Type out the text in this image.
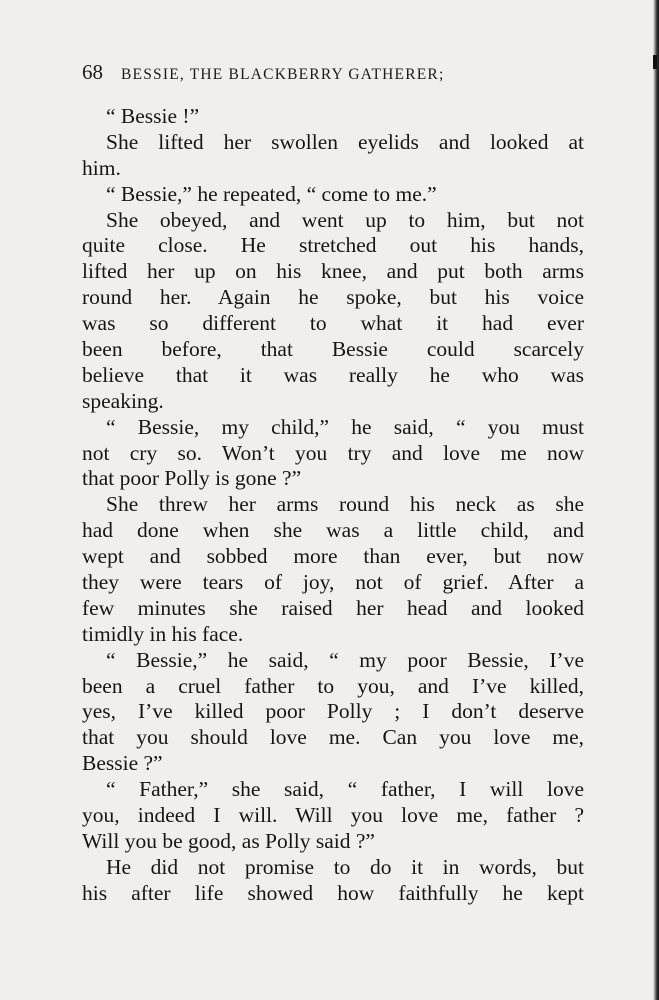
68 BESSIE, THE BLACKBERRY GATHERER;
“ Bessie !”
She lifted her swollen eyelids and looked at
him.
“ Bessie,” he repeated, “ come to me.”
She obeyed, and went up to him, but not
quite close. He stretched out his hands,
lifted her up on his knee, and put both arms
round her. Again he spoke, but his voice
was so different to what it had ever
been before, that Bessie could scarcely
believe that it was really he who was
speaking.
“ Bessie, my child,” he said, “ you must
not cry so. Won’t you try and love me now
that poor Polly is gone ?”
She threw her arms round his neck as she
had done when she was a little child, and
wept and sobbed more than ever, but now
they were tears of joy, not of grief. After a
few minutes she raised her head and looked
timidly in his face.
“ Bessie,” he said, “ my poor Bessie, I’ve
been a cruel father to you, and I’ve killed,
yes, I’ve killed poor Polly ; I don’t deserve
that you should love me. Can you love me,
Bessie ?”
“ Father,” she said, “ father, I will love
you, indeed I will. Will you love me, father ?
Will you be good, as Polly said ?”
He did not promise to do it in words, but
his after life showed how faithfully he kept
